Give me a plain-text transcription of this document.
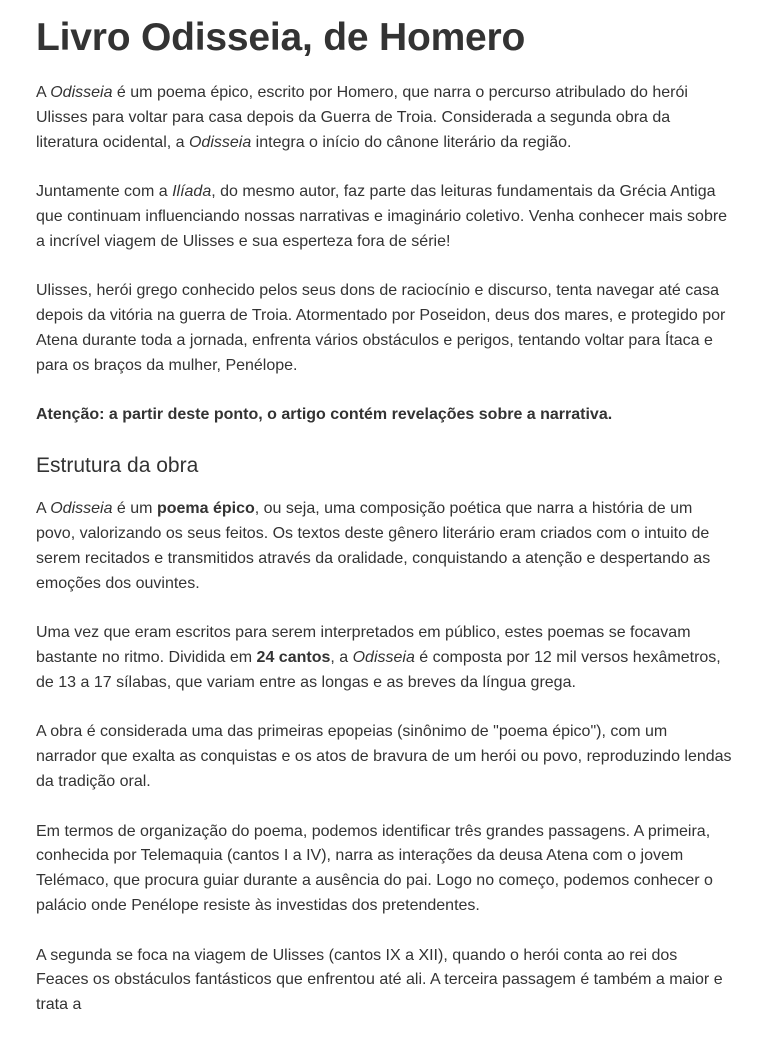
Livro Odisseia, de Homero

A Odisseia é um poema épico, escrito por Homero, que narra o percurso atribulado do herói Ulisses para voltar para casa depois da Guerra de Troia. Considerada a segunda obra da literatura ocidental, a Odisseia integra o início do cânone literário da região.

Juntamente com a Ilíada, do mesmo autor, faz parte das leituras fundamentais da Grécia Antiga que continuam influenciando nossas narrativas e imaginário coletivo. Venha conhecer mais sobre a incrível viagem de Ulisses e sua esperteza fora de série!

Ulisses, herói grego conhecido pelos seus dons de raciocínio e discurso, tenta navegar até casa depois da vitória na guerra de Troia. Atormentado por Poseidon, deus dos mares, e protegido por Atena durante toda a jornada, enfrenta vários obstáculos e perigos, tentando voltar para Ítaca e para os braços da mulher, Penélope.

Atenção: a partir deste ponto, o artigo contém revelações sobre a narrativa.

Estrutura da obra

A Odisseia é um poema épico, ou seja, uma composição poética que narra a história de um povo, valorizando os seus feitos. Os textos deste gênero literário eram criados com o intuito de serem recitados e transmitidos através da oralidade, conquistando a atenção e despertando as emoções dos ouvintes.

Uma vez que eram escritos para serem interpretados em público, estes poemas se focavam bastante no ritmo. Dividida em 24 cantos, a Odisseia é composta por 12 mil versos hexâmetros, de 13 a 17 sílabas, que variam entre as longas e as breves da língua grega.

A obra é considerada uma das primeiras epopeias (sinônimo de "poema épico"), com um narrador que exalta as conquistas e os atos de bravura de um herói ou povo, reproduzindo lendas da tradição oral.

Em termos de organização do poema, podemos identificar três grandes passagens. A primeira, conhecida por Telemaquia (cantos I a IV), narra as interações da deusa Atena com o jovem Telémaco, que procura guiar durante a ausência do pai. Logo no começo, podemos conhecer o palácio onde Penélope resiste às investidas dos pretendentes.

A segunda se foca na viagem de Ulisses (cantos IX a XII), quando o herói conta ao rei dos Feaces os obstáculos fantásticos que enfrentou até ali. A terceira passagem é também a maior e trata a
